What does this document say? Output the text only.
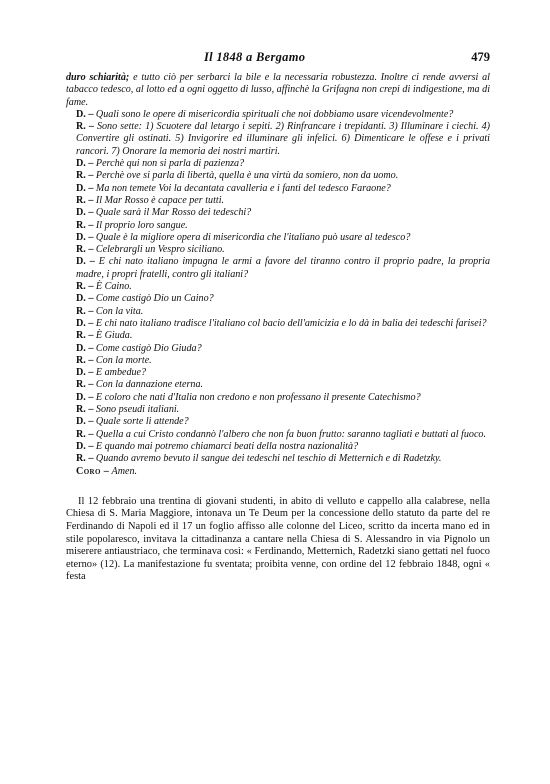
Il 1848 a Bergamo	479

duro schiarità; e tutto ciò per serbarci la bile e la necessaria robustezza. Inoltre ci rende avversi al tabacco tedesco, al lotto ed a ogni oggetto di lusso, affinchè la Grifagna non crepi di indigestione, ma di fame.

D. – Quali sono le opere di misericordia spirituali che noi dobbiamo usare vicendevolmente?

R. – Sono sette: 1) Scuotere dal letargo i sepiti. 2) Rinfrancare i trepidanti. 3) Illuminare i ciechi. 4) Convertire gli ostinati. 5) Invigorire ed illuminare gli infelici. 6) Dimenticare le offese e i privati rancori. 7) Onorare la memoria dei nostri martiri.

D. – Perchè qui non si parla di pazienza?

R. – Perchè ove si parla di libertà, quella è una virtù da somiero, non da uomo.

D. – Ma non temete Voi la decantata cavalleria e i fanti del tedesco Faraone?

R. – Il Mar Rosso è capace per tutti.

D. – Quale sarà il Mar Rosso dei tedeschi?

R. – Il proprio loro sangue.

D. – Quale è la migliore opera di misericordia che l'italiano può usare al tedesco?

R. – Celebrargli un Vespro siciliano.

D. – E chi nato italiano impugna le armi a favore del tiranno contro il proprio padre, la propria madre, i propri fratelli, contro gli italiani?

R. – È Caino.

D. – Come castigò Dio un Caino?

R. – Con la vita.

D. – E chi nato italiano tradisce l'italiano col bacio dell'amicizia e lo dà in balia dei tedeschi farisei?

R. – È Giuda.

D. – Come castigò Dio Giuda?

R. – Con la morte.

D. – E ambedue?

R. – Con la dannazione eterna.

D. – E coloro che nati d'Italia non credono e non professano il presente Catechismo?

R. – Sono pseudi italiani.

D. – Quale sorte li attende?

R. – Quella a cui Cristo condannò l'albero che non fa buon frutto: saranno tagliati e buttati al fuoco.

D. – E quando mai potremo chiamarci beati della nostra nazionalità?

R. – Quando avremo bevuto il sangue dei tedeschi nel teschio di Metternich e di Radetzky.

Coro – Amen.

Il 12 febbraio una trentina di giovani studenti, in abito di velluto e cappello alla calabrese, nella Chiesa di S. Maria Maggiore, intonava un Te Deum per la concessione dello statuto da parte del re Ferdinando di Napoli ed il 17 un foglio affisso alle colonne del Liceo, scritto da incerta mano ed in stile popolaresco, invitava la cittadinanza a cantare nella Chiesa di S. Alessandro in via Pignolo un miserere antiaustriaco, che terminava così: « Ferdinando, Metternich, Radetzki siano gettati nel fuoco eterno» (12). La manifestazione fu sventata; proibita venne, con ordine del 12 febbraio 1848, ogni « festa
